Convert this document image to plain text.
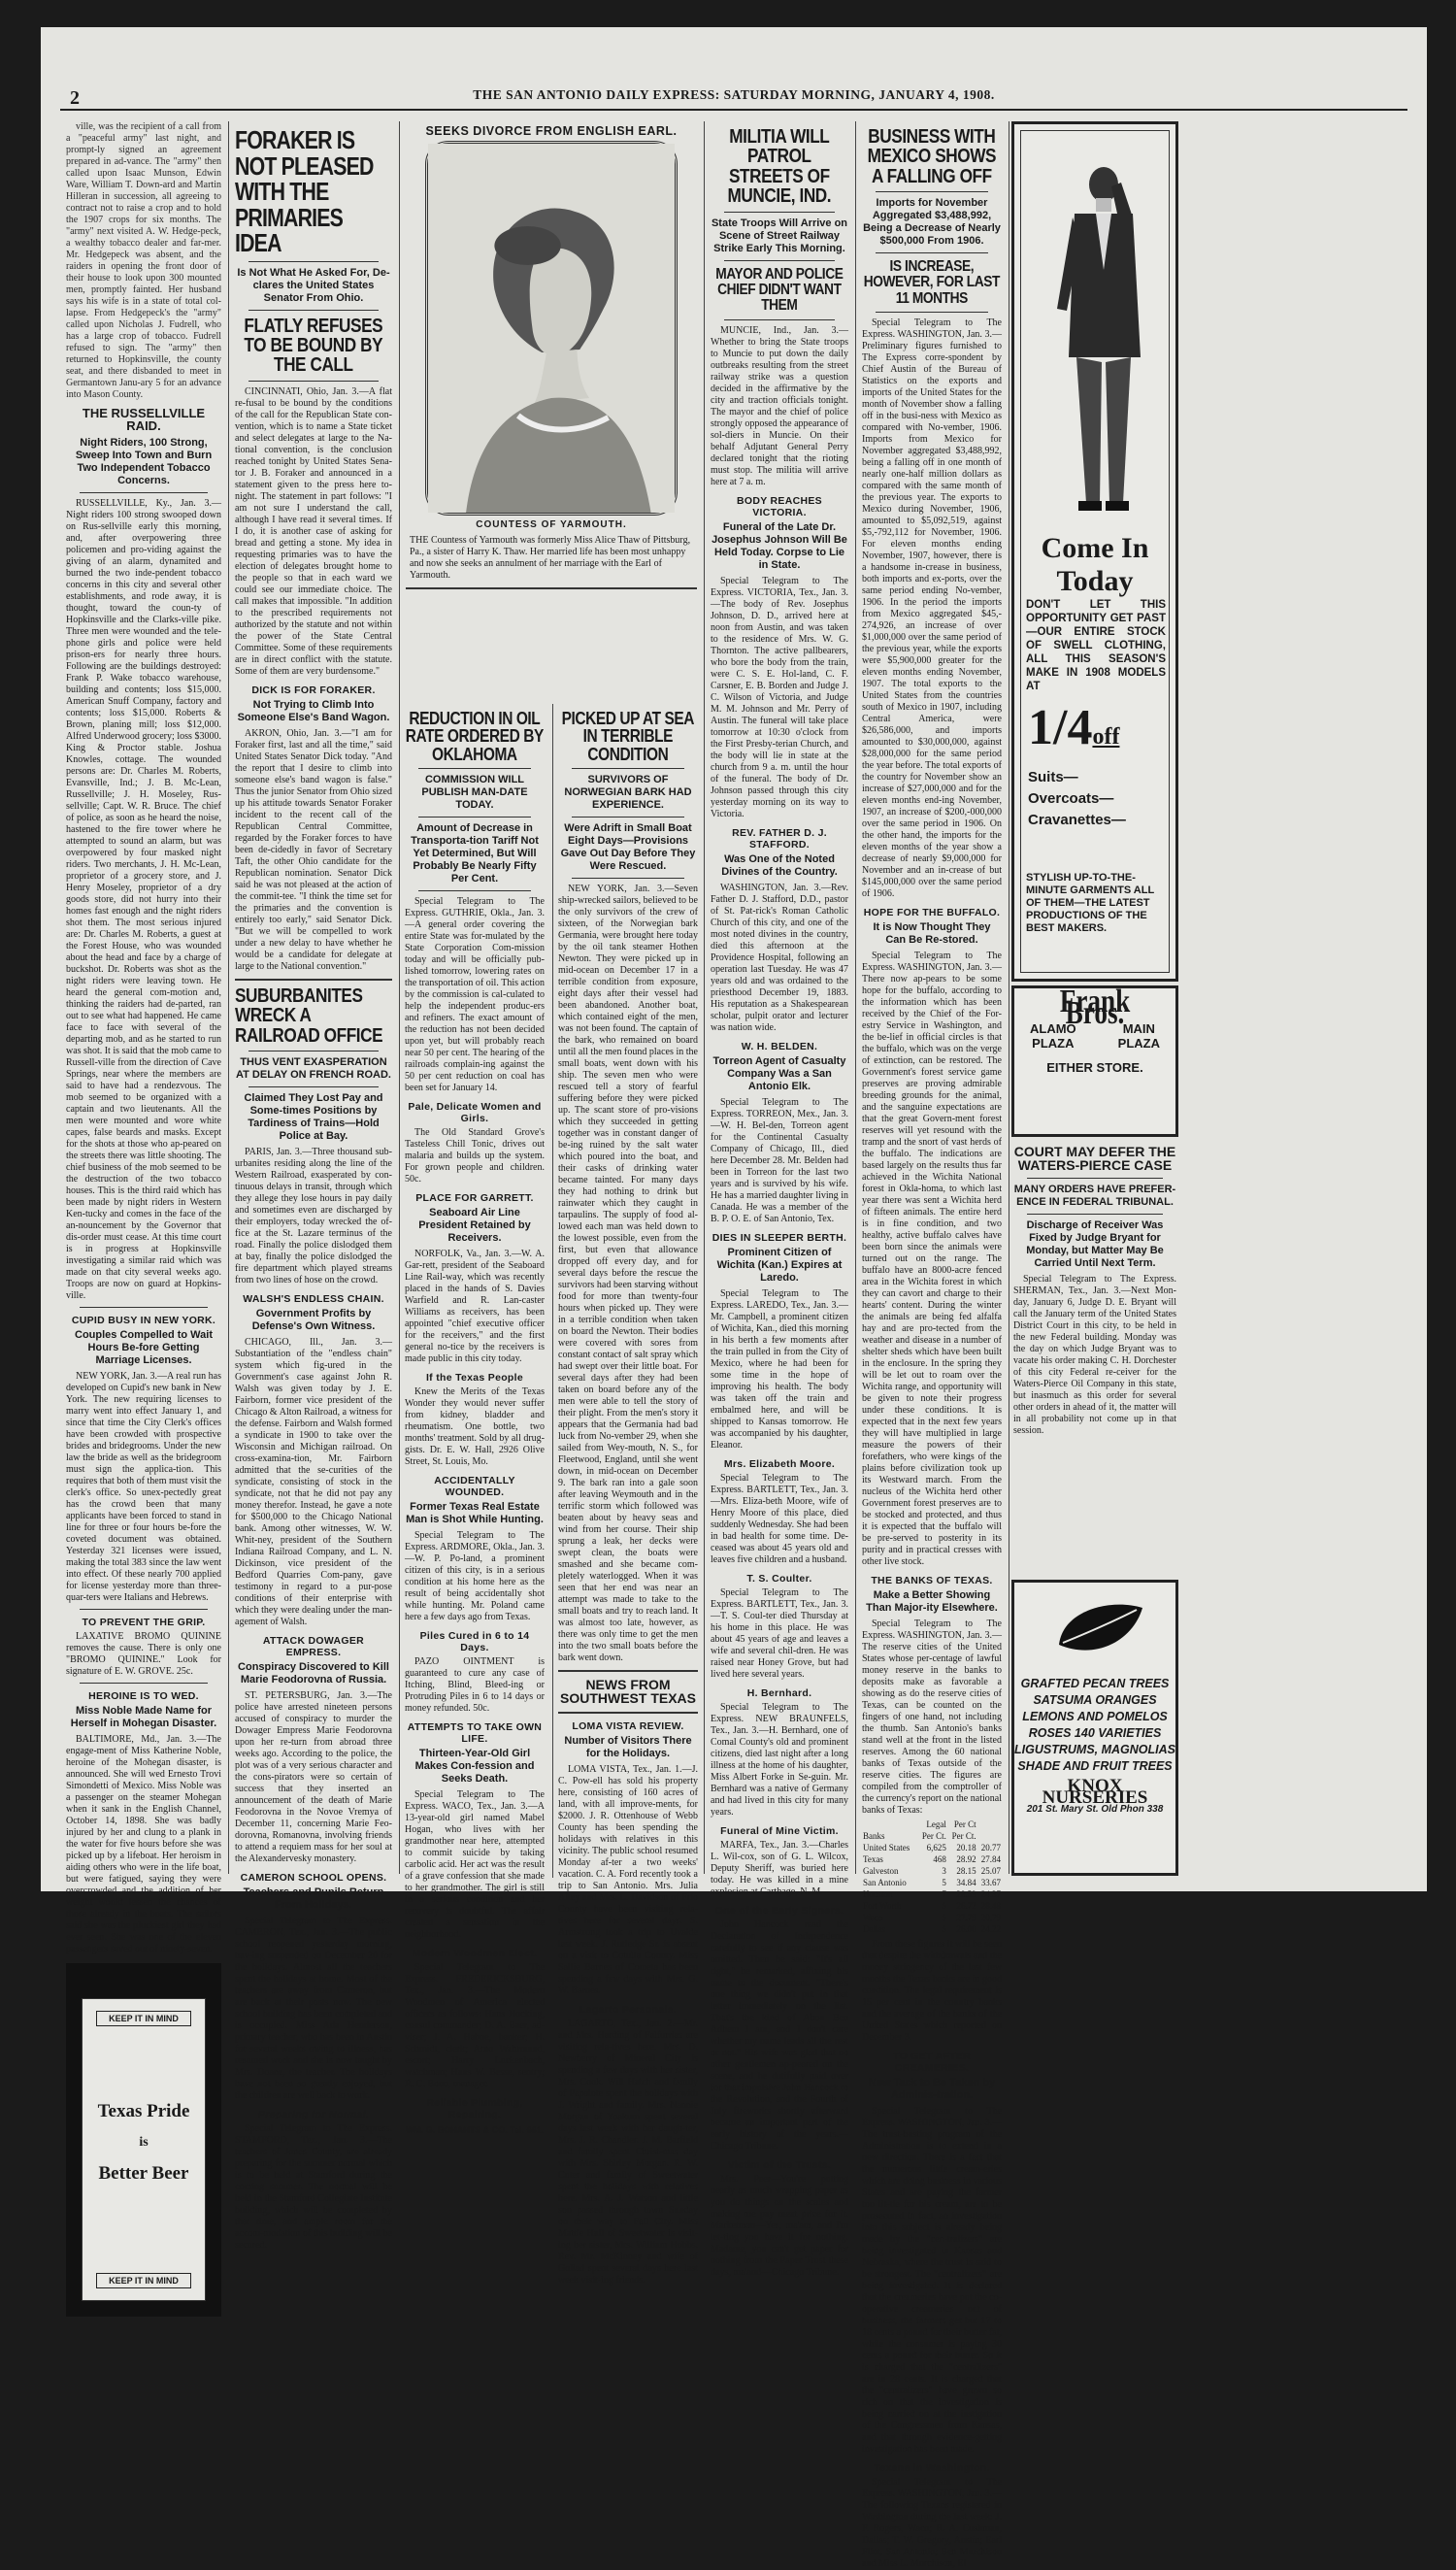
2	THE SAN ANTONIO DAILY EXPRESS: SATURDAY MORNING, JANUARY 4, 1908.

ville, was the recipient of a call from a "peaceful army" last night, and prompt-ly signed an agreement prepared in ad-vance. The "army" then called upon Isaac Munson, Edwin Ware, William T. Down-ard and Martin Hilleran in succession, all agreeing to contract not to raise a crop and to hold the 1907 crops for six months. The "army" next visited A. W. Hedge-peck, a wealthy tobacco dealer and far-mer. Mr. Hedgepeck was absent, and the raiders in opening the front door of their house to look upon 300 mounted men, promptly fainted. Her husband says his wife is in a state of total col-lapse. From Hedgepeck's the "army" called upon Nicholas J. Fudrell, who has a large crop of tobacco. Fudrell refused to sign. The "army" then returned to Hopkinsville, the county seat, and there disbanded to meet in Germantown Janu-ary 5 for an advance into Mason County.

THE RUSSELLVILLE RAID.
Night Riders, 100 Strong, Sweep Into Town and Burn Two Independent Tobacco Concerns.

RUSSELLVILLE, Ky., Jan. 3.—Night riders 100 strong swooped down on Rus-sellville early this morning, and, after overpowering three policemen and pro-viding against the giving of an alarm, dynamited and burned the two inde-pendent tobacco concerns in this city and several other establishments, and rode away, it is thought, toward the coun-ty of Hopkinsville and the Clarks-ville pike. Three men were wounded and the tele-phone girls and police were held prison-ers for nearly three hours. Following are the buildings destroyed: Frank P. Wake tobacco warehouse, building and contents; loss $15,000. American Snuff Company, factory and contents; loss $15,000. Roberts & Brown, planing mill; loss $12,000. Alfred Underwood grocery; loss $3000. King & Proctor stable. Joshua Knowles, cottage. The wounded persons are: Dr. Charles M. Roberts, Evansville, Ind.; J. B. Mc-Lean, Russellville; J. H. Moseley, Rus-sellville; Capt. W. R. Bruce. The chief of police, as soon as he heard the noise, hastened to the fire tower where he attempted to sound an alarm, but was overpowered by four masked night riders. Two merchants, J. H. Mc-Lean, proprietor of a grocery store, and J. Henry Moseley, proprietor of a dry goods store, did not hurry into their homes fast enough and the night riders shot them. The most serious injured are: Dr. Charles M. Roberts, a guest at the Forest House, who was wounded about the head and face by a charge of buckshot. Dr. Roberts was shot as the night riders were leaving town. He heard the general com-motion and, thinking the raiders had de-parted, ran out to see what had happened. He came face to face with several of the departing mob, and as he started to run was shot. It is said that the mob came to Russell-ville from the direction of Cave Springs, near where the members are said to have had a rendezvous. The mob seemed to be organized with a captain and two lieutenants. All the men were mounted and wore white capes, false beards and masks. Except for the shots at those who ap-peared on the streets there was little shooting. The chief business of the mob seemed to be the destruction of the two tobacco houses. This is the third raid which has been made by night riders in Western Ken-tucky and comes in the face of the an-nouncement by the Governor that dis-order must cease. At this time court is in progress at Hopkinsville investigating a similar raid which was made on that city several weeks ago. Troops are now on guard at Hopkins-ville.

CUPID BUSY IN NEW YORK.
Couples Compelled to Wait Hours Be-fore Getting Marriage Licenses.

NEW YORK, Jan. 3.—A real run has developed on Cupid's new bank in New York. The new requiring licenses to marry went into effect January 1, and since that time the City Clerk's offices have been crowded with prospective brides and bridegrooms. Under the new law the bride as well as the bridegroom must sign the applica-tion. This requires that both of them must visit the clerk's office. So unex-pectedly great has the crowd been that many applicants have been forced to stand in line for three or four hours be-fore the coveted document was obtained. Yesterday 321 licenses were issued, making the total 383 since the law went into effect. Of these nearly 700 applied for license yesterday more than three-quar-ters were Italians and Hebrews.

TO PREVENT THE GRIP.

LAXATIVE BROMO QUININE removes the cause. There is only one "BROMO QUININE." Look for signature of E. W. GROVE. 25c.

HEROINE IS TO WED.
Miss Noble Made Name for Herself in Mohegan Disaster.

BALTIMORE, Md., Jan. 3.—The engage-ment of Miss Katherine Noble, heroine of the Mohegan disaster, is announced. She will wed Ernesto Trovi Simondetti of Mexico. Miss Noble was a passenger on the steamer Mohegan when it sank in the English Channel, October 14, 1898. She was badly injured by her and clung to a plank in the water for five hours before she was picked up by a lifeboat. Her heroism in aiding others who were in the life boat, but were fatigued, saying they were overcrowded and the addition of her weight would lessen the chances of those already in the boats. The sailors said she was the pluckiest girl they had ever seen. She was one of the eleven passengers saved out of ninety-seven.

KEEP IT IN MIND
Texas Pride
is
Better Beer
KEEP IT IN MIND
FORAKER IS NOT PLEASED WITH THE PRIMARIES IDEA
Is Not What He Asked For, De-clares the United States Senator From Ohio.
FLATLY REFUSES TO BE BOUND BY THE CALL

CINCINNATI, Ohio, Jan. 3.—A flat re-fusal to be bound by the conditions of the call for the Republican State con-vention, which is to name a State ticket and select delegates at large to the Na-tional convention, is the conclusion reached tonight by United States Sena-tor J. B. Foraker and announced in a statement given to the press here to-night. The statement in part follows: "I am not sure I understand the call, although I have read it several times. If I do, it is another case of asking for bread and getting a stone. My idea in requesting primaries was to have the election of delegates brought home to the people so that in each ward we could see our immediate choice. The call makes that impossible. "In addition to the prescribed requirements not authorized by the statute and not within the power of the State Central Committee. Some of these requirements are in direct conflict with the statute. Some of them are very burdensome."

DICK IS FOR FORAKER.
Not Trying to Climb Into Someone Else's Band Wagon.

AKRON, Ohio, Jan. 3.—"I am for Foraker first, last and all the time," said United States Senator Dick today. "And the report that I desire to climb into someone else's band wagon is false." Thus the junior Senator from Ohio sized up his attitude towards Senator Foraker incident to the recent call of the Republican Central Committee, regarded by the Foraker forces to have been de-cidedly in favor of Secretary Taft, the other Ohio candidate for the Republican nomination. Senator Dick said he was not pleased at the action of the commit-tee. "I think the time set for the primaries and the convention is entirely too early," said Senator Dick. "But we will be compelled to work under a new delay to have whether he would be a candidate for delegate at large to the National convention."

SUBURBANITES WRECK A RAILROAD OFFICE
THUS VENT EXASPERATION AT DELAY ON FRENCH ROAD.
Claimed They Lost Pay and Some-times Positions by Tardiness of Trains—Hold Police at Bay.

PARIS, Jan. 3.—Three thousand sub-urbanites residing along the line of the Western Railroad, exasperated by con-tinuous delays in transit, through which they allege they lose hours in pay daily and sometimes even are discharged by their employers, today wrecked the of-fice at the St. Lazare terminus of the road. Finally the police dislodged them at bay, finally the police dislodged the fire department which played streams from two lines of hose on the crowd.

WALSH'S ENDLESS CHAIN.
Government Profits by Defense's Own Witness.

CHICAGO, Ill., Jan. 3.—Substantiation of the "endless chain" system which fig-ured in the Government's case against John R. Walsh was given today by J. E. Fairborn, former vice president of the Chicago & Alton Railroad, a witness for the defense. Fairborn and Walsh formed a syndicate in 1900 to take over the Wisconsin and Michigan railroad. On cross-examina-tion, Mr. Fairborn admitted that the se-curities of the syndicate, consisting of stock in the syndicate, not that he did not pay any money therefor. Instead, he gave a note for $500,000 to the Chicago National bank. Among other witnesses, W. W. Whit-ney, president of the Southern Indiana Railroad Company, and L. N. Dickinson, vice president of the Bedford Quarries Com-pany, gave testimony in regard to a pur-pose conditions of their enterprise with which they were dealing under the man-agement of Walsh.

ATTACK DOWAGER EMPRESS.
Conspiracy Discovered to Kill Marie Feodorovna of Russia.

ST. PETERSBURG, Jan. 3.—The police have arrested nineteen persons accused of conspiracy to murder the Dowager Empress Marie Feodorovna upon her re-turn from abroad three weeks ago. According to the police, the plot was of a very serious character and the cons-pirators were so certain of success that they inserted an announcement of the death of Marie Feodorovna in the Novoe Vremya of December 11, concerning Marie Feo-dorovna, Romanovna, involving friends to attend a requiem mass for her soul at the Alexandervesky monastery.

CAMERON SCHOOL OPENS.
Teachers and Pupils Return From Holidays.

Special Telegram to The Express. CAMERON, Tex., Jan. 3.—The public school reopened yesterday morning, hav-ing suspended on December 20 for the holidays. Almost all the teachers spent the holidays at home. Most of the teachers are away from Cameron, but are back at their posts now. The new school building has been completed and is occupied. Miss Ada Henderson, primary teacher, who has been in Austin for several weeks owing to illness, has resumed work and she is now taught by Mrs. Doane, the teacher. The holidays have not been so greatly enjoyed, but the children are well back to work.

Preparing for Normal.

Special Telegram to The Express. STAMFORD, Tex., Jan. 3.—The teachers of Jones County, are already preparing for the summer normal which is to be held at Stamford during the coming summer. The normal will be held in the Stamford Collegiate Institute building, which will be completed by that time, and ample room for the accom-modation of this building will be secured.

SEEKS DIVORCE FROM ENGLISH EARL.
COUNTESS OF YARMOUTH.
THE Countess of Yarmouth was formerly Miss Alice Thaw of Pittsburg, Pa., a sister of Harry K. Thaw. Her married life has been most unhappy and now she seeks an annulment of her marriage with the Earl of Yarmouth.
REDUCTION IN OIL RATE ORDERED BY OKLAHOMA
COMMISSION WILL PUBLISH MAN-DATE TODAY.
Amount of Decrease in Transporta-tion Tariff Not Yet Determined, But Will Probably Be Nearly Fifty Per Cent.

Special Telegram to The Express. GUTHRIE, Okla., Jan. 3.—A general order covering the entire State was for-mulated by the State Corporation Com-mission today and will be officially pub-lished tomorrow, lowering rates on the transportation of oil. This action by the commission is cal-culated to help the independent produc-ers and refiners. The exact amount of the reduction has not been decided upon yet, but will probably reach near 50 per cent. The hearing of the railroads complain-ing against the 50 per cent reduction on coal has been set for January 14.

Pale, Delicate Women and Girls.

The Old Standard Grove's Tasteless Chill Tonic, drives out malaria and builds up the system. For grown people and children. 50c.

PLACE FOR GARRETT.
Seaboard Air Line President Retained by Receivers.

NORFOLK, Va., Jan. 3.—W. A. Gar-rett, president of the Seaboard Line Rail-way, which was recently placed in the hands of S. Davies Warfield and R. Lan-caster Williams as receivers, has been appointed "chief executive officer for the receivers," and the first general no-tice by the receivers is made public in this city today.

If the Texas People

Knew the Merits of the Texas Wonder they would never suffer from kidney, bladder and rheumatism. One bottle, two months' treatment. Sold by all drug-gists. Dr. E. W. Hall, 2926 Olive Street, St. Louis, Mo.

ACCIDENTALLY WOUNDED.
Former Texas Real Estate Man is Shot While Hunting.

Special Telegram to The Express. ARDMORE, Okla., Jan. 3.—W. P. Po-land, a prominent citizen of this city, is in a serious condition at his home here as the result of being accidentally shot while hunting. Mr. Poland came here a few days ago from Texas.

Piles Cured in 6 to 14 Days.

PAZO OINTMENT is guaranteed to cure any case of Itching, Blind, Bleed-ing or Protruding Piles in 6 to 14 days or money refunded. 50c.

ATTEMPTS TO TAKE OWN LIFE.
Thirteen-Year-Old Girl Makes Con-fession and Seeks Death.

Special Telegram to The Express. WACO, Tex., Jan. 3.—A 13-year-old girl named Mabel Hogan, who lives with her grandmother near here, attempted to commit suicide by taking carbolic acid. Her act was the result of a grave confession that she made to her grandmother. The girl is still in a serious condition and her recovery is doubtful. The affair created a sensation in the neighborhood.

Modern Woodmen Elect.

Special Telegram to The Express. FREDERICKSBURG, Tex., Jan. 3.—The Modern Woodmen of America elected officers as follows: Hans Hocking, consul commander; D. A. Baer, ad-viser; J. A. Habne, banker; H. Schmidt, clerk; Arno Wahrmund, escort; Harry Luckenbach, watchman; Hans W. Besse, sentry; R. C. Bonn, manager.

Reliable Plumbing, Repairing.
WM. G. BOHAHTS & CO. Tel. 661.
PICKED UP AT SEA IN TERRIBLE CONDITION
SURVIVORS OF NORWEGIAN BARK HAD EXPERIENCE.
Were Adrift in Small Boat Eight Days—Provisions Gave Out Day Before They Were Rescued.

NEW YORK, Jan. 3.—Seven ship-wrecked sailors, believed to be the only survivors of the crew of sixteen, of the Norwegian bark Germania, were brought here today by the oil tank steamer Hothen Newton. They were picked up in mid-ocean on December 17 in a terrible condition from exposure, eight days after their vessel had been abandoned. Another boat, which contained eight of the men, was not been found. The captain of the bark, who remained on board until all the men found places in the small boats, went down with his ship. The seven men who were rescued tell a story of fearful suffering before they were picked up. The scant store of pro-visions which they succeeded in getting together was in constant danger of be-ing ruined by the salt water which poured into the boat, and their casks of drinking water became tainted. For many days they had nothing to drink but rainwater which they caught in tarpaulins. The supply of food al-lowed each man was held down to the lowest possible, even from the first, but even that allowance dropped off every day, and for several days before the rescue the survivors had been starving without food for more than twenty-four hours when picked up. They were in a terrible condition when taken on board the Newton. Their bodies were covered with sores from constant contact of salt spray which had swept over their little boat. For several days after they had been taken on board before any of the men were able to tell the story of their plight. From the men's story it appears that the Germania had bad luck from No-vember 29, when she sailed from Wey-mouth, N. S., for Fleetwood, England, until she went down, in mid-ocean on December 9. The bark ran into a gale soon after leaving Weymouth and in the terrific storm which followed was beaten about by heavy seas and wind from her course. Their ship sprung a leak, her decks were swept clean, the boats were smashed and she became com-pletely waterlogged. When it was seen that her end was near an attempt was made to take to the small boats and try to reach land. It was almost too late, however, as there was only time to get the men into the two small boats before the bark went down.

NEWS FROM SOUTHWEST TEXAS
LOMA VISTA REVIEW.
Number of Visitors There for the Holidays.

LOMA VISTA, Tex., Jan. 1.—J. C. Pow-ell has sold his property here, consisting of 160 acres of land, with all improve-ments, for $2000. J. R. Ottenhouse of Webb County has been spending the holidays with relatives in this vicinity. The public school resumed Monday af-ter a two weeks' vacation. C. A. Ford recently took a trip to San Antonio. Mrs. Julia Alley and Mrs. L. Davidson of Frio County have been visiting rela-tives here for several days. S. Armstrong took a trip to Uvalde last week. J. Rutledge Sr. is absent on a visit to Cotulla County. Miss Sallie Barnes of Cometa has been spending a few days with Mrs. G. W. Barnes.

Lagarto Personals.

LAGARTO, Tex., Jan. 2.—Mr. and Mrs. Harding of Falfurrias are visiting rela-tives here. Mrs. D. Newberry of Mineral City is spending a few days with her sister, Mrs. Cook. Will Hatch and family of Papalote spent the holidays with J. Wright and family. Mrs. Nannie Morgan of Yoakum spent several days last week with her daugh-ter, Mrs. J. R. Chandler. J. M. Barfield and family spent Christ-mas day with Mrs. Shirley Morgan. R. W. Cuter and family of Sweetwater spent the holidays with relatives here. Mrs. A. J. Watson and little son passed through town Sunday on their way to Fall City. Miss Mattie Hall of Sweetwater is visit-ing her sister, Mrs. William Hobbs. Rev. Mr. McKinney and wife of Goliad spent several days here last week visit-ing friends.

MILITIA WILL PATROL STREETS OF MUNCIE, IND.
State Troops Will Arrive on Scene of Street Railway Strike Early This Morning.
MAYOR AND POLICE CHIEF DIDN'T WANT THEM

MUNCIE, Ind., Jan. 3.—Whether to bring the State troops to Muncie to put down the daily outbreaks resulting from the street railway strike was a question decided in the affirmative by the city and traction officials tonight. The mayor and the chief of police strongly opposed the appearance of sol-diers in Muncie. On their behalf Adjutant General Perry declared tonight that the rioting must stop. The militia will arrive here at 7 a. m.

BODY REACHES VICTORIA.
Funeral of the Late Dr. Josephus Johnson Will Be Held Today. Corpse to Lie in State.

Special Telegram to The Express. VICTORIA, Tex., Jan. 3.—The body of Rev. Josephus Johnson, D. D., arrived here at noon from Austin, and was taken to the residence of Mrs. W. G. Thornton. The active pallbearers, who bore the body from the train, were C. S. E. Hol-land, C. F. Carsner, E. B. Borden and Judge J. C. Wilson of Victoria, and Judge M. M. Johnson and Mr. Perry of Austin. The funeral will take place tomorrow at 10:30 o'clock from the First Presby-terian Church, and the body will lie in state at the church from 9 a. m. until the hour of the funeral. The body of Dr. Johnson passed through this city yesterday morning on its way to Victoria.

REV. FATHER D. J. STAFFORD.
Was One of the Noted Divines of the Country.

WASHINGTON, Jan. 3.—Rev. Father D. J. Stafford, D.D., pastor of St. Pat-rick's Roman Catholic Church of this city, and one of the most noted divines in the country, died this afternoon at the Providence Hospital, following an operation last Tuesday. He was 47 years old and was ordained to the priesthood December 19, 1883. His reputation as a Shakespearean scholar, pulpit orator and lecturer was nation wide.

W. H. BELDEN.
Torreon Agent of Casualty Company Was a San Antonio Elk.

Special Telegram to The Express. TORREON, Mex., Jan. 3.—W. H. Bel-den, Torreon agent for the Continental Casualty Company of Chicago, Ill., died here December 28. Mr. Belden had been in Torreon for the last two years and is survived by his wife. He has a married daughter living in Canada. He was a member of the B. P. O. E. of San Antonio, Tex.

DIES IN SLEEPER BERTH.
Prominent Citizen of Wichita (Kan.) Expires at Laredo.

Special Telegram to The Express. LAREDO, Tex., Jan. 3.—Mr. Campbell, a prominent citizen of Wichita, Kan., died this morning in his berth a few moments after the train pulled in from the City of Mexico, where he had been for some time in the hope of improving his health. The body was taken off the train and embalmed here, and will be shipped to Kansas tomorrow. He was accompanied by his daughter, Eleanor.

Mrs. Elizabeth Moore.

Special Telegram to The Express. BARTLETT, Tex., Jan. 3.—Mrs. Eliza-beth Moore, wife of Henry Moore of this place, died suddenly Wednesday. She had been in bad health for some time. De-ceased was about 45 years old and leaves five children and a husband.

T. S. Coulter.

Special Telegram to The Express. BARTLETT, Tex., Jan. 3.—T. S. Coul-ter died Thursday at his home in this place. He was about 45 years of age and leaves a wife and several chil-dren. He was raised near Honey Grove, but had lived here several years.

H. Bernhard.

Special Telegram to The Express. NEW BRAUNFELS, Tex., Jan. 3.—H. Bernhard, one of Comal County's old and prominent citizens, died last night after a long illness at the home of his daughter, Miss Albert Forke in Se-guin. Mr. Bernhard was a native of Germany and had lived in this city for many years.

Funeral of Mine Victim.

MARFA, Tex., Jan. 3.—Charles L. Wil-cox, son of G. L. Wilcox, Deputy Sheriff, was buried here today. He was killed in a mine explosion at Carthage, N. M.

One of the Early Signers.

John Hancock read the Declaration of Independence carefully to see if any clause was omitted. Then he said: "It's all right," he remarked, affixing his name to the document. "There's one thing we didn't put in that letter immediately on the list. That's the kind of Abou Ben Adhem I am, and I don't care whether my name leads all the rest or not." His wife was glad that no other gentlemen ap-peared on the scene, and he dutifully paid over for that impulsive John Hancock to the Revolution, and the Fourth of July fireworks shortly afterward became an important part of the early history of the years.—Chicago Tribune.

Victim of the Trusts.

Mrs. Peer—You're putting nearly as much wrapping paper as you do things on the scales and making me pay meat price for it. Marketman—Yes, ma'am, and I'm let-ting you have it for nothing. Madame, you can't get paper for nothing from the Paper Trust these days, ma'am!—Chicago Tribune.

BUSINESS WITH MEXICO SHOWS A FALLING OFF
Imports for November Aggregated $3,488,992, Being a Decrease of Nearly $500,000 From 1906.
IS INCREASE, HOWEVER, FOR LAST 11 MONTHS

Special Telegram to The Express. WASHINGTON, Jan. 3.—Preliminary figures furnished to The Express corre-spondent by Chief Austin of the Bureau of Statistics on the exports and imports of the United States for the month of November show a falling off in the busi-ness with Mexico as compared with No-vember, 1906. Imports from Mexico for November aggregated $3,488,992, being a falling off in one month of nearly one-half million dollars as compared with the same month of the previous year. The exports to Mexico during November, 1906, amounted to $5,092,519, against $5,-792,112 for November, 1906. For eleven months ending November, 1907, however, there is a handsome in-crease in business, both imports and ex-ports, over the same period ending No-vember, 1906. In the period the imports from Mexico aggregated $45,- 274,926, an increase of over $1,000,000 over the same period of the previous year, while the exports were $5,900,000 greater for the eleven months ending November, 1907. The total exports to the United States from the countries south of Mexico in 1907, including Central America, were $26,586,000, and imports amounted to $30,000,000, against $28,000,000 for the same period the year before. The total exports of the country for November show an increase of $27,000,000 and for the eleven months end-ing November, 1907, an increase of $200,-000,000 over the same period in 1906. On the other hand, the imports for the eleven months of the year show a decrease of nearly $9,000,000 for November and an in-crease of but $145,000,000 over the same period of 1906.

HOPE FOR THE BUFFALO.
It is Now Thought They Can Be Re-stored.

Special Telegram to The Express. WASHINGTON, Jan. 3.—There now ap-pears to be some hope for the buffalo, according to the information which has been received by the Chief of the For-estry Service in Washington, and the be-lief in official circles is that the buffalo, which was on the verge of extinction, can be restored. The Government's forest service game preserves are proving admirable breeding grounds for the animal, and the sanguine expectations are that the great Govern-ment forest reserves will yet resound with the tramp and the snort of vast herds of the buffalo. The indications are based largely on the results thus far achieved in the Wichita National forest in Okla-homa, to which last year there was sent a Wichita herd of fifteen animals. The entire herd is in fine condition, and two healthy, active buffalo calves have been born since the animals were turned out on the range. The buffalo have an 8000-acre fenced area in the Wichita forest in which they can cavort and charge to their hearts' content. During the winter the animals are being fed alfalfa hay and are pro-tected from the weather and disease in a number of shelter sheds which have been built in the enclosure. In the spring they will be let out to roam over the Wichita range, and opportunity will be given to note their progress under these conditions. It is expected that in the next few years they will have multiplied in large measure the powers of their forefathers, who were kings of the plains before civilization took up its Westward march. From the nucleus of the Wichita herd other Government forest preserves are to be stocked and protected, and thus it is expected that the buffalo will be pre-served to posterity in its purity and in practical cresses with other live stock.

THE BANKS OF TEXAS.
Make a Better Showing Than Major-ity Elsewhere.

Special Telegram to The Express. WASHINGTON, Jan. 3.—The reserve cities of the United States whose per-centage of lawful money reserve in the banks to deposits make as favorable a showing as do the reserve cities of Texas, can be counted on the fingers of one hand, not including the thumb. San Antonio's banks stand well at the front in the listed reserves. Among the 60 national banks of Texas outside of the reserve cities. The figures are compiled from the comptroller of the currency's report on the national banks of Texas:

	Legal	Per Ct	
Banks	Per Ct.	Per Ct.	
United States	6,625	20.18	20.77
Texas	468	28.92	27.84
Galveston	3	28.15	25.07
San Antonio	5	34.84	33.67
Houston	7	28.59	24.37
Fort Worth	5	26.72	28.48
Waco	5	27.79	20.79
Dallas	5	26.00	24.22

From these figures it will be seen that despite the withdrawals and the money stringency of the last few months the Texas banks are in good condition. The legal requirement is 15 per cent in the country banks and the average of the banks of the United States which reported on December 3.

TO GET AFTER CREAMERIES.
New Tack to Be Taken by Adminis-tration.

Special Telegram to The Express. WASHINGTON, Jan. 3.—The trust-busting program of the Administration is to extend in a new direction. There is a fact that the numerous little cream-eries which are doing business in various States and are paying the farmer too lit-tle for his cream, are to be prosecuted in fact, an investigation into this subject is already being made by the "cen-tralizers" are being investigated in Kansas and Nebraska, where the trust is said to be strongest. The "centralizers" are being investigated. It is declared that the creameries have put the co-operative creameries out of business, the farmers get but 17 to 18 cents a pound for their butter fat, while the consumer is paying 30 cents a pound for their butter. So it is charged that the "centralizers" are in 28 cents. It is charged that the "centralizers" have grown so rich on that the investigation is being carried on at the instigation of the Congressmen from Kansas, and that through evidence-getting investigation has been made.

Texans in Washington.

Special Telegram to The Express. WASHINGTON, Jan. 3.—The following Texans registered in Washington during the last week: J. F. Rogers, Waco; R. A. Cushman, Dallas; T. W. Gregory, Austin; Earl Flint, San Antonio; Ben Murchison and Miss L. Murchison, El

Come In
Today
DON'T LET THIS OPPORTUNITY GET PAST—OUR ENTIRE STOCK OF SWELL CLOTHING, ALL THIS SEASON'S MAKE IN 1908 MODELS AT
1/4off
Suits—
Overcoats—
Cravanettes—
STYLISH UP-TO-THE-MINUTE GARMENTS ALL OF THEM—THE LATEST PRODUCTIONS OF THE BEST MAKERS.
Frank Bros.
ALAMO
PLAZA
MAIN
PLAZA
EITHER STORE.
COURT MAY DEFER THE WATERS-PIERCE CASE
MANY ORDERS HAVE PREFER-ENCE IN FEDERAL TRIBUNAL.
Discharge of Receiver Was Fixed by Judge Bryant for Monday, but Matter May Be Carried Until Next Term.

Special Telegram to The Express. SHERMAN, Tex., Jan. 3.—Next Mon-day, January 6, Judge D. E. Bryant will call the January term of the United States District Court in this city, to be held in the new Federal building. Monday was the day on which Judge Bryant was to vacate his order making C. H. Dorchester of this city Federal re-ceiver for the Waters-Pierce Oil Company in this state, but inasmuch as this order for several other orders in ahead of it, the matter will in all probability not come up in that session.

GRAFTED PECAN TREES
SATSUMA ORANGES
LEMONS AND POMELOS
ROSES 140 VARIETIES
LIGUSTRUMS, MAGNOLIAS
SHADE AND FRUIT TREES
KNOX NURSERIES
201 St. Mary St. Old Phon 338
